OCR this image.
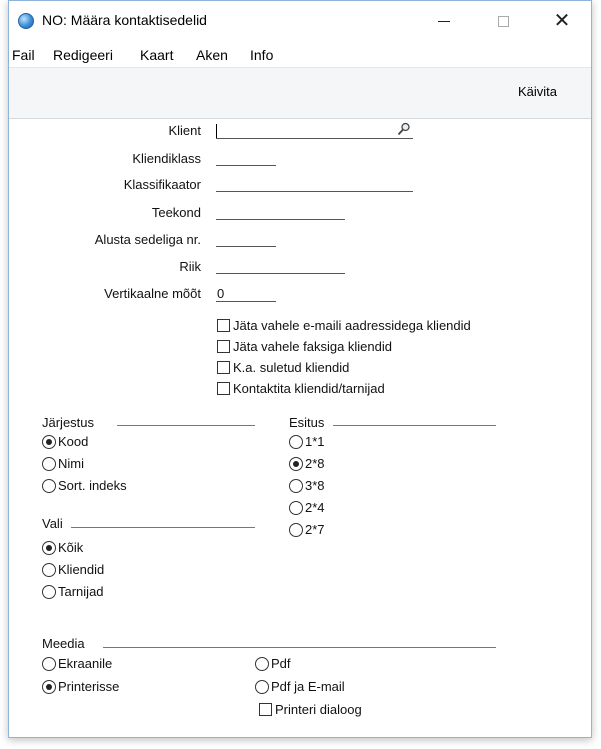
NO: Määra kontaktisedelid	✕
Fail Redigeeri Kaart Aken Info
Käivita
Klient
Kliendiklass
Klassifikaator
Teekond
Alusta sedeliga nr.
Riik
Vertikaalne mõõt 0
Jäta vahele e-maili aadressidega kliendid
Jäta vahele faksiga kliendid
K.a. suletud kliendid
Kontaktita kliendid/tarnijad
Järjestus
Kood
Nimi
Sort. indeks
Esitus
1*1
2*8
3*8
2*4
2*7
Vali
Kõik
Kliendid
Tarnijad
Meedia
Ekraanile
Printerisse
Pdf
Pdf ja E-mail
Printeri dialoog
